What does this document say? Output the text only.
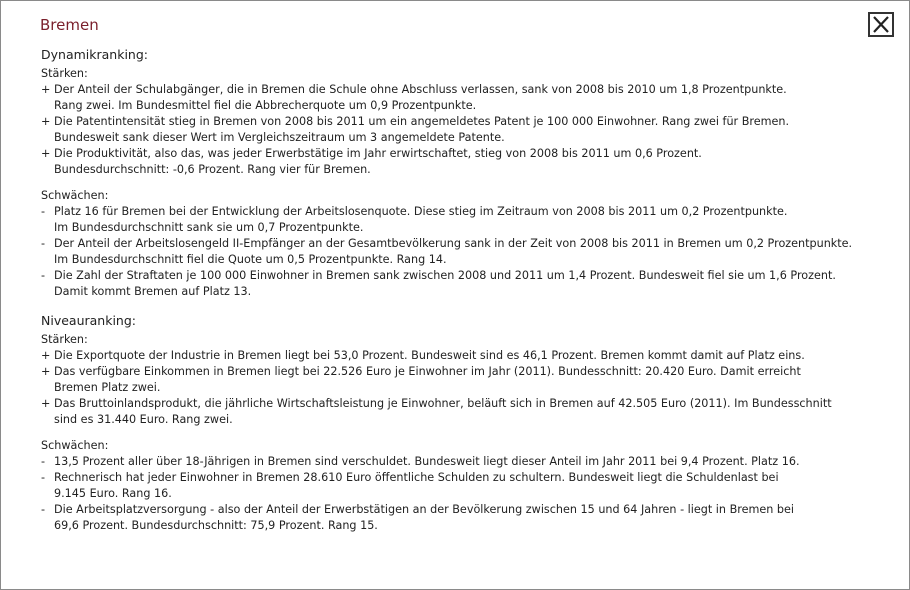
Bremen
Dynamikranking:
Stärken:
+ Der Anteil der Schulabgänger, die in Bremen die Schule ohne Abschluss verlassen, sank von 2008 bis 2010 um 1,8 Prozentpunkte.
Rang zwei. Im Bundesmittel fiel die Abbrecherquote um 0,9 Prozentpunkte.
+ Die Patentintensität stieg in Bremen von 2008 bis 2011 um ein angemeldetes Patent je 100 000 Einwohner. Rang zwei für Bremen.
Bundesweit sank dieser Wert im Vergleichszeitraum um 3 angemeldete Patente.
+ Die Produktivität, also das, was jeder Erwerbstätige im Jahr erwirtschaftet, stieg von 2008 bis 2011 um 0,6 Prozent.
Bundesdurchschnitt: -0,6 Prozent. Rang vier für Bremen.
Schwächen:
- Platz 16 für Bremen bei der Entwicklung der Arbeitslosenquote. Diese stieg im Zeitraum von 2008 bis 2011 um 0,2 Prozentpunkte.
Im Bundesdurchschnitt sank sie um 0,7 Prozentpunkte.
- Der Anteil der Arbeitslosengeld II-Empfänger an der Gesamtbevölkerung sank in der Zeit von 2008 bis 2011 in Bremen um 0,2 Prozentpunkte.
Im Bundesdurchschnitt fiel die Quote um 0,5 Prozentpunkte. Rang 14.
- Die Zahl der Straftaten je 100 000 Einwohner in Bremen sank zwischen 2008 und 2011 um 1,4 Prozent. Bundesweit fiel sie um 1,6 Prozent.
Damit kommt Bremen auf Platz 13.
Niveauranking:
Stärken:
+ Die Exportquote der Industrie in Bremen liegt bei 53,0 Prozent. Bundesweit sind es 46,1 Prozent. Bremen kommt damit auf Platz eins.
+ Das verfügbare Einkommen in Bremen liegt bei 22.526 Euro je Einwohner im Jahr (2011). Bundesschnitt: 20.420 Euro. Damit erreicht
Bremen Platz zwei.
+ Das Bruttoinlandsprodukt, die jährliche Wirtschaftsleistung je Einwohner, beläuft sich in Bremen auf 42.505 Euro (2011). Im Bundesschnitt
sind es 31.440 Euro. Rang zwei.
Schwächen:
- 13,5 Prozent aller über 18-Jährigen in Bremen sind verschuldet. Bundesweit liegt dieser Anteil im Jahr 2011 bei 9,4 Prozent. Platz 16.
- Rechnerisch hat jeder Einwohner in Bremen 28.610 Euro öffentliche Schulden zu schultern. Bundesweit liegt die Schuldenlast bei
9.145 Euro. Rang 16.
- Die Arbeitsplatzversorgung - also der Anteil der Erwerbstätigen an der Bevölkerung zwischen 15 und 64 Jahren - liegt in Bremen bei
69,6 Prozent. Bundesdurchschnitt: 75,9 Prozent. Rang 15.
